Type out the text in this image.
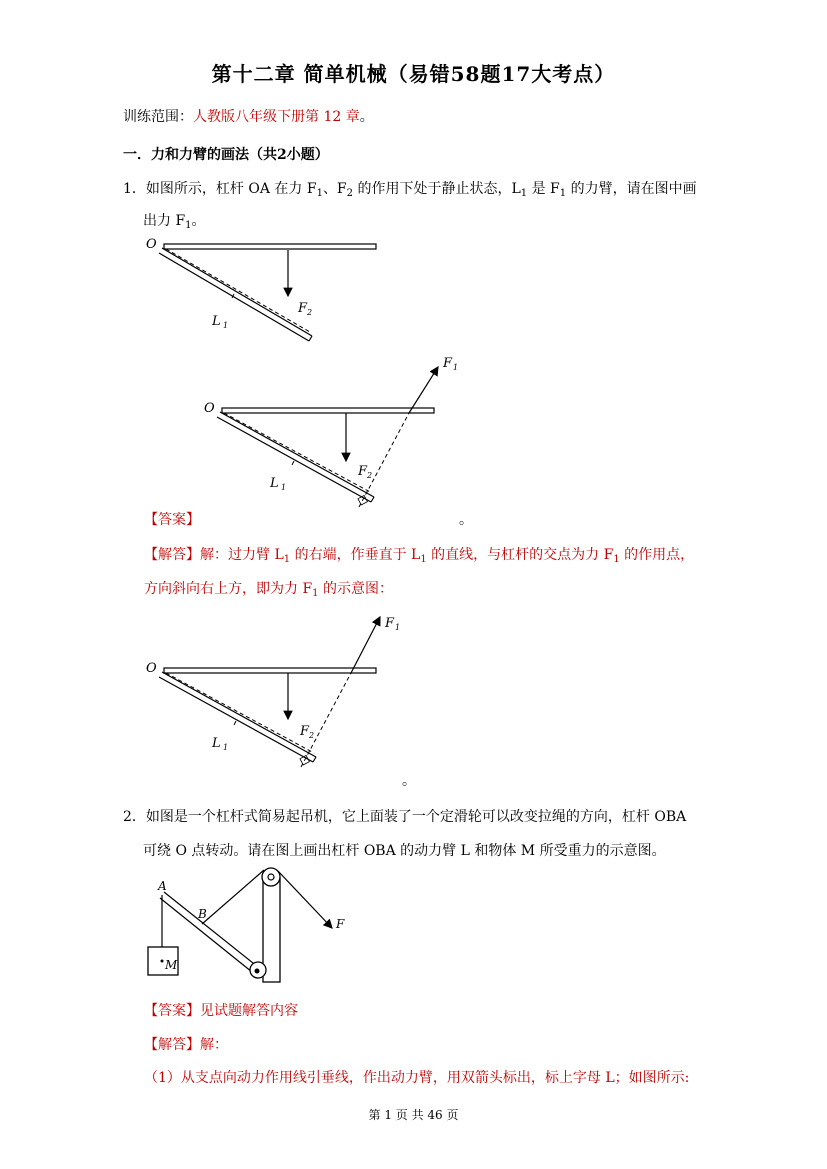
第十二章 简单机械（易错58题17大考点）
训练范围：人教版八年级下册第 12 章。
一．力和力臂的画法（共2小题）
1．如图所示，杠杆 OA 在力 $F_1$、$F_2$ 的作用下处于静止状态，$L_1$ 是 $F_1$ 的力臂，请在图中画
出力 $F_1$。
O
L 1
F 2
O
L 1
F 2
F 1
【答案】	。
【解答】解：过力臂 $L_1$ 的右端，作垂直于 $L_1$ 的直线，与杠杆的交点为力 $F_1$ 的作用点，
方向斜向右上方，即为力 $F_1$ 的示意图：
O
L 1
F 2
F 1
。
2．如图是一个杠杆式简易起吊机，它上面装了一个定滑轮可以改变拉绳的方向，杠杆 OBA
可绕 O 点转动。请在图上画出杠杆 OBA 的动力臂 L 和物体 M 所受重力的示意图。
A
B
M
F
【答案】见试题解答内容
【解答】解：
（1）从支点向动力作用线引垂线，作出动力臂，用双箭头标出，标上字母 L；如图所示:
第 1 页 共 46 页
